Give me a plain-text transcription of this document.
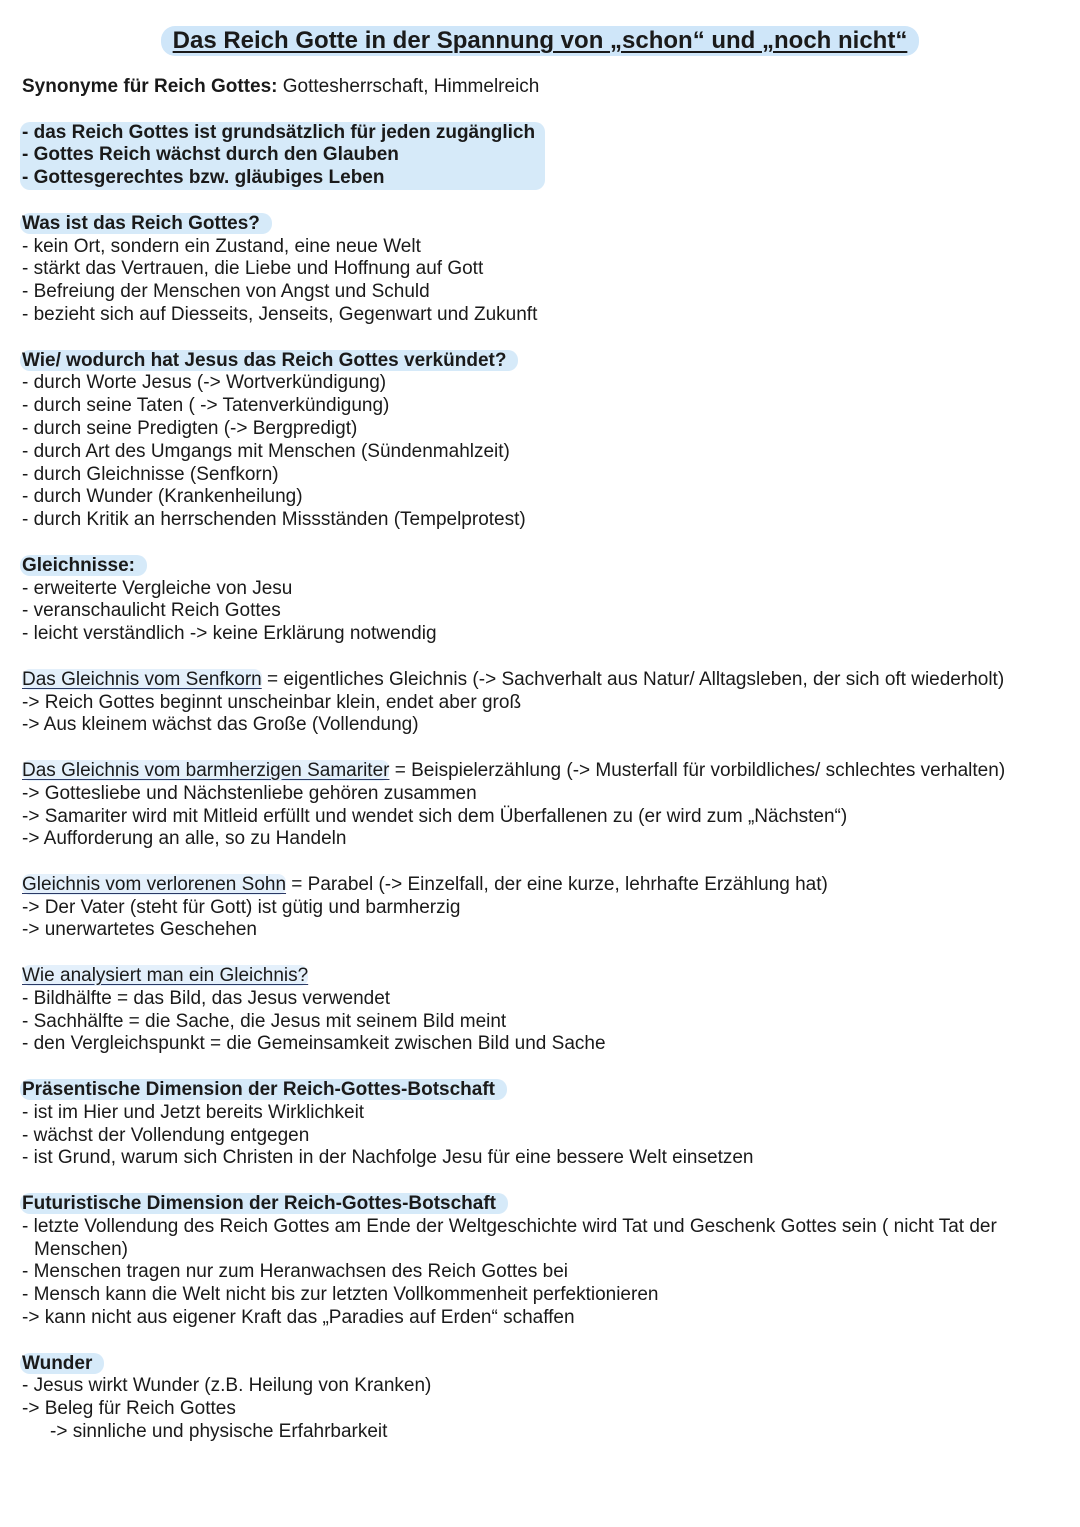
Das Reich Gotte in der Spannung von „schon“ und „noch nicht“
Synonyme für Reich Gottes: Gottesherrschaft, Himmelreich
- das Reich Gottes ist grundsätzlich für jeden zugänglich
- Gottes Reich wächst durch den Glauben
- Gottesgerechtes bzw. gläubiges Leben
Was ist das Reich Gottes?
- kein Ort, sondern ein Zustand, eine neue Welt
- stärkt das Vertrauen, die Liebe und Hoffnung auf Gott
- Befreiung der Menschen von Angst und Schuld
- bezieht sich auf Diesseits, Jenseits, Gegenwart und Zukunft
Wie/ wodurch hat Jesus das Reich Gottes verkündet?
- durch Worte Jesus (-> Wortverkündigung)
- durch seine Taten ( -> Tatenverkündigung)
- durch seine Predigten (-> Bergpredigt)
- durch Art des Umgangs mit Menschen (Sündenmahlzeit)
- durch Gleichnisse (Senfkorn)
- durch Wunder (Krankenheilung)
- durch Kritik an herrschenden Missständen (Tempelprotest)
Gleichnisse:
- erweiterte Vergleiche von Jesu
- veranschaulicht Reich Gottes
- leicht verständlich -> keine Erklärung notwendig
Das Gleichnis vom Senfkorn = eigentliches Gleichnis (-> Sachverhalt aus Natur/ Alltagsleben, der sich oft wiederholt)
-> Reich Gottes beginnt unscheinbar klein, endet aber groß
-> Aus kleinem wächst das Große (Vollendung)
Das Gleichnis vom barmherzigen Samariter = Beispielerzählung (-> Musterfall für vorbildliches/ schlechtes verhalten)
-> Gottesliebe und Nächstenliebe gehören zusammen
-> Samariter wird mit Mitleid erfüllt und wendet sich dem Überfallenen zu (er wird zum „Nächsten“)
-> Aufforderung an alle, so zu Handeln
Gleichnis vom verlorenen Sohn = Parabel (-> Einzelfall, der eine kurze, lehrhafte Erzählung hat)
-> Der Vater (steht für Gott) ist gütig und barmherzig
-> unerwartetes Geschehen
Wie analysiert man ein Gleichnis?
- Bildhälfte = das Bild, das Jesus verwendet
- Sachhälfte = die Sache, die Jesus mit seinem Bild meint
- den Vergleichspunkt = die Gemeinsamkeit zwischen Bild und Sache
Präsentische Dimension der Reich-Gottes-Botschaft
- ist im Hier und Jetzt bereits Wirklichkeit
- wächst der Vollendung entgegen
- ist Grund, warum sich Christen in der Nachfolge Jesu für eine bessere Welt einsetzen
Futuristische Dimension der Reich-Gottes-Botschaft
- letzte Vollendung des Reich Gottes am Ende der Weltgeschichte wird Tat und Geschenk Gottes sein ( nicht Tat der Menschen)
- Menschen tragen nur zum Heranwachsen des Reich Gottes bei
- Mensch kann die Welt nicht bis zur letzten Vollkommenheit perfektionieren
-> kann nicht aus eigener Kraft das „Paradies auf Erden“ schaffen
Wunder
- Jesus wirkt Wunder (z.B. Heilung von Kranken)
-> Beleg für Reich Gottes
-> sinnliche und physische Erfahrbarkeit
